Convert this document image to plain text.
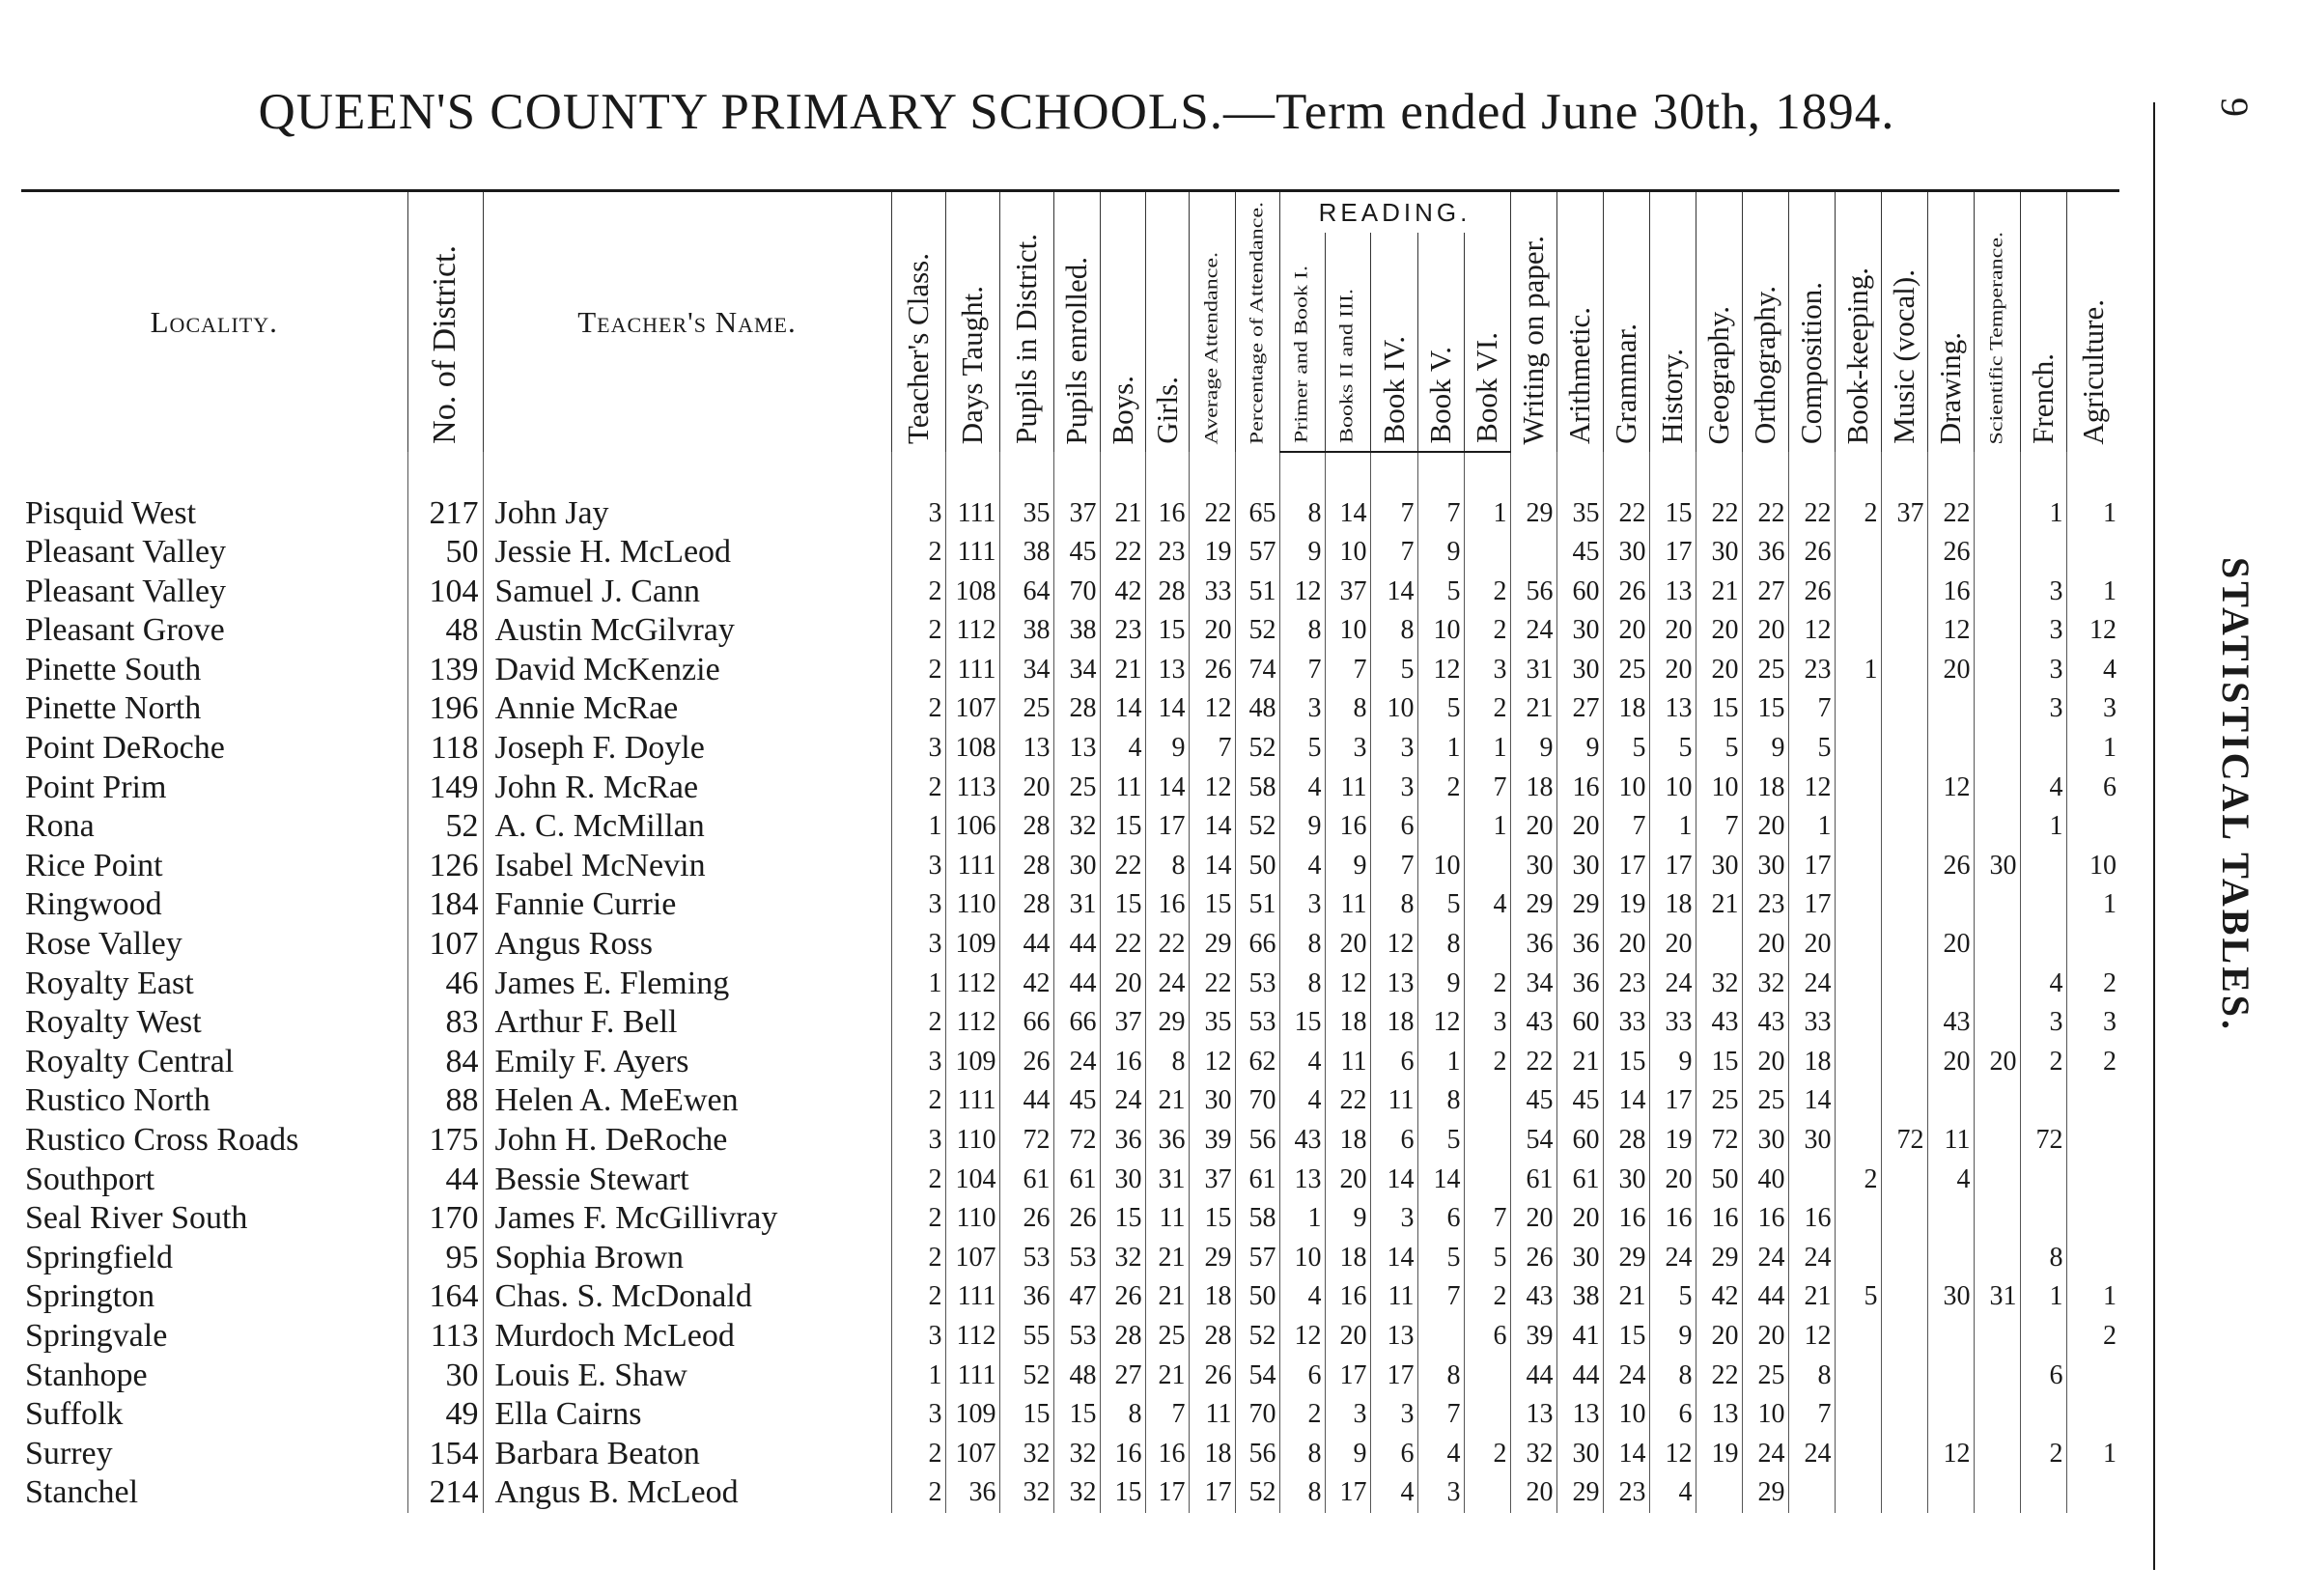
QUEEN'S COUNTY PRIMARY SCHOOLS.—Term ended June 30th, 1894.	9
STATISTICAL TABLES.
Locality.	No. of District.	Teacher's Name.	Teacher's Class.	Days Taught.	Pupils in District.	Pupils enrolled.	Boys.	Girls.	Average Attendance.	Percentage of Attendance.	READING.					Writing on paper.	Arithmetic.	Grammar.	History.	Geography.	Orthography.	Composition.	Book-keeping.	Music (vocal).	Drawing.	Scientific Temperance.	French.	Agriculture.

											Primer and Book I.	Books II and III.	Book IV.	Book V.	Book VI.													

Pisquid West	217	John Jay	3	111	35	37	21	16	22	65	8	14	7	7	1	29	35	22	15	22	22	22	2	37	22		1	1
Pleasant Valley	50	Jessie H. McLeod	2	111	38	45	22	23	19	57	9	10	7	9			45	30	17	30	36	26			26			
Pleasant Valley	104	Samuel J. Cann	2	108	64	70	42	28	33	51	12	37	14	5	2	56	60	26	13	21	27	26			16		3	1
Pleasant Grove	48	Austin McGilvray	2	112	38	38	23	15	20	52	8	10	8	10	2	24	30	20	20	20	20	12			12		3	12
Pinette South	139	David McKenzie	2	111	34	34	21	13	26	74	7	7	5	12	3	31	30	25	20	20	25	23	1		20		3	4
Pinette North	196	Annie McRae	2	107	25	28	14	14	12	48	3	8	10	5	2	21	27	18	13	15	15	7					3	3
Point DeRoche	118	Joseph F. Doyle	3	108	13	13	4	9	7	52	5	3	3	1	1	9	9	5	5	5	9	5						1
Point Prim	149	John R. McRae	2	113	20	25	11	14	12	58	4	11	3	2	7	18	16	10	10	10	18	12			12		4	6
Rona	52	A. C. McMillan	1	106	28	32	15	17	14	52	9	16	6		1	20	20	7	1	7	20	1					1	
Rice Point	126	Isabel McNevin	3	111	28	30	22	8	14	50	4	9	7	10		30	30	17	17	30	30	17			26	30		10
Ringwood	184	Fannie Currie	3	110	28	31	15	16	15	51	3	11	8	5	4	29	29	19	18	21	23	17						1
Rose Valley	107	Angus Ross	3	109	44	44	22	22	29	66	8	20	12	8		36	36	20	20		20	20			20			
Royalty East	46	James E. Fleming	1	112	42	44	20	24	22	53	8	12	13	9	2	34	36	23	24	32	32	24					4	2
Royalty West	83	Arthur F. Bell	2	112	66	66	37	29	35	53	15	18	18	12	3	43	60	33	33	43	43	33			43		3	3
Royalty Central	84	Emily F. Ayers	3	109	26	24	16	8	12	62	4	11	6	1	2	22	21	15	9	15	20	18			20	20	2	2
Rustico North	88	Helen A. MeEwen	2	111	44	45	24	21	30	70	4	22	11	8		45	45	14	17	25	25	14						
Rustico Cross Roads	175	John H. DeRoche	3	110	72	72	36	36	39	56	43	18	6	5		54	60	28	19	72	30	30		72	11		72	
Southport	44	Bessie Stewart	2	104	61	61	30	31	37	61	13	20	14	14		61	61	30	20	50	40		2		4			
Seal River South	170	James F. McGillivray	2	110	26	26	15	11	15	58	1	9	3	6	7	20	20	16	16	16	16	16						
Springfield	95	Sophia Brown	2	107	53	53	32	21	29	57	10	18	14	5	5	26	30	29	24	29	24	24					8	
Springton	164	Chas. S. McDonald	2	111	36	47	26	21	18	50	4	16	11	7	2	43	38	21	5	42	44	21	5		30	31	1	1
Springvale	113	Murdoch McLeod	3	112	55	53	28	25	28	52	12	20	13		6	39	41	15	9	20	20	12						2
Stanhope	30	Louis E. Shaw	1	111	52	48	27	21	26	54	6	17	17	8		44	44	24	8	22	25	8					6	
Suffolk	49	Ella Cairns	3	109	15	15	8	7	11	70	2	3	3	7		13	13	10	6	13	10	7						
Surrey	154	Barbara Beaton	2	107	32	32	16	16	18	56	8	9	6	4	2	32	30	14	12	19	24	24			12		2	1
Stanchel	214	Angus B. McLeod	2	36	32	32	15	17	17	52	8	17	4	3		20	29	23	4		29							
